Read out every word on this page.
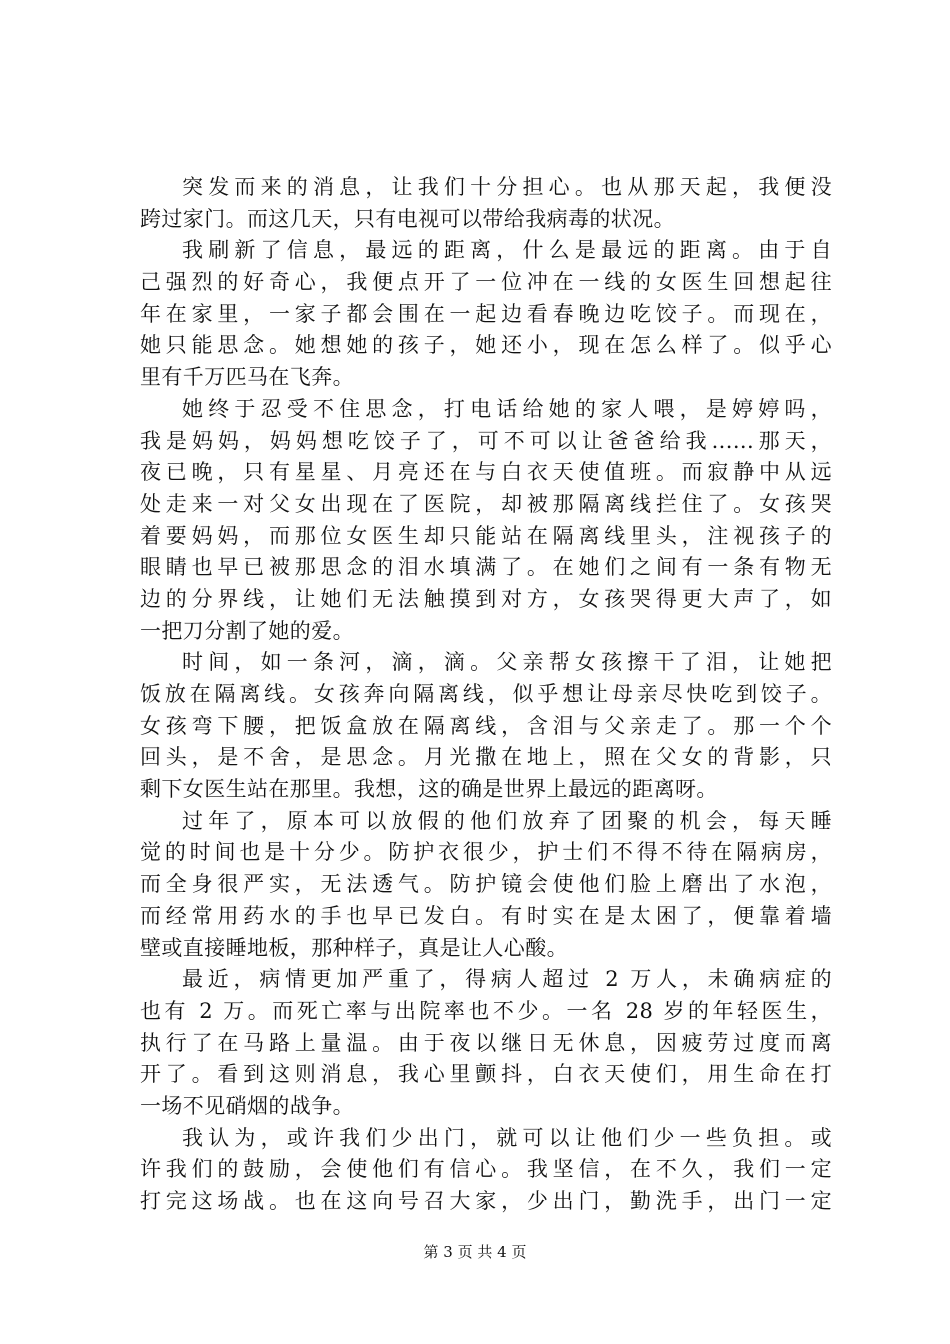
突发而来的消息，让我们十分担心。也从那天起，我便没
跨过家门。而这几天，只有电视可以带给我病毒的状况。
我刷新了信息，最远的距离，什么是最远的距离。由于自
己强烈的好奇心，我便点开了一位冲在一线的女医生回想起往
年在家里，一家子都会围在一起边看春晚边吃饺子。而现在，
她只能思念。她想她的孩子，她还小，现在怎么样了。似乎心
里有千万匹马在飞奔。
她终于忍受不住思念，打电话给她的家人喂，是婷婷吗，
我是妈妈，妈妈想吃饺子了，可不可以让爸爸给我......那天，
夜已晚，只有星星、月亮还在与白衣天使值班。而寂静中从远
处走来一对父女出现在了医院，却被那隔离线拦住了。女孩哭
着要妈妈，而那位女医生却只能站在隔离线里头，注视孩子的
眼睛也早已被那思念的泪水填满了。在她们之间有一条有物无
边的分界线，让她们无法触摸到对方，女孩哭得更大声了，如
一把刀分割了她的爱。
时间，如一条河，滴，滴。父亲帮女孩擦干了泪，让她把
饭放在隔离线。女孩奔向隔离线，似乎想让母亲尽快吃到饺子。
女孩弯下腰，把饭盒放在隔离线，含泪与父亲走了。那一个个
回头，是不舍，是思念。月光撒在地上，照在父女的背影，只
剩下女医生站在那里。我想，这的确是世界上最远的距离呀。
过年了，原本可以放假的他们放弃了团聚的机会，每天睡
觉的时间也是十分少。防护衣很少，护士们不得不待在隔病房，
而全身很严实，无法透气。防护镜会使他们脸上磨出了水泡，
而经常用药水的手也早已发白。有时实在是太困了，便靠着墙
壁或直接睡地板，那种样子，真是让人心酸。
最近，病情更加严重了，得病人超过 2 万人，未确病症的
也有 2 万。而死亡率与出院率也不少。一名 28 岁的年轻医生，
执行了在马路上量温。由于夜以继日无休息，因疲劳过度而离
开了。看到这则消息，我心里颤抖，白衣天使们，用生命在打
一场不见硝烟的战争。
我认为，或许我们少出门，就可以让他们少一些负担。或
许我们的鼓励，会使他们有信心。我坚信，在不久，我们一定
打完这场战。也在这向号召大家，少出门，勤洗手，出门一定
第 3 页 共 4 页
